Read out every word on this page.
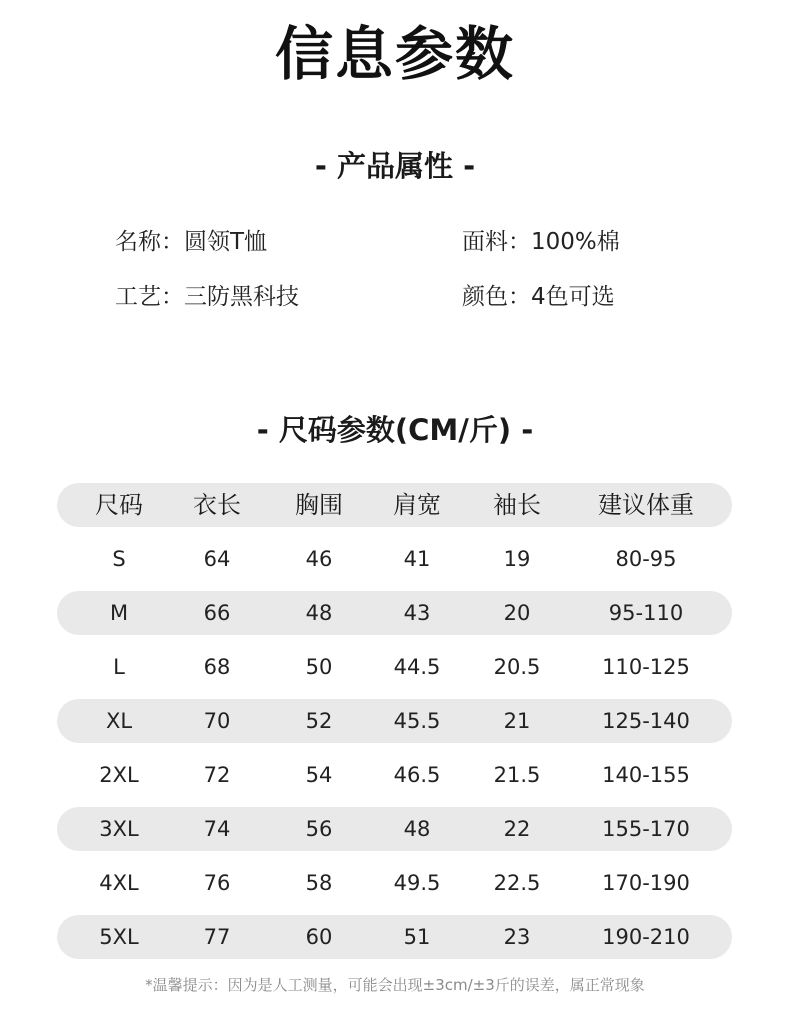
信息参数
- 产品属性 -
名称：圆领T恤	面料：100%棉
工艺：三防黑科技	颜色：4色可选
- 尺码参数(CM/斤) -
尺码	衣长	胸围	肩宽	袖长	建议体重
S	64	46	41	19	80-95
M	66	48	43	20	95-110
L	68	50	44.5	20.5	110-125
XL	70	52	45.5	21	125-140
2XL	72	54	46.5	21.5	140-155
3XL	74	56	48	22	155-170
4XL	76	58	49.5	22.5	170-190
5XL	77	60	51	23	190-210
*温馨提示：因为是人工测量，可能会出现±3cm/±3斤的误差，属正常现象
